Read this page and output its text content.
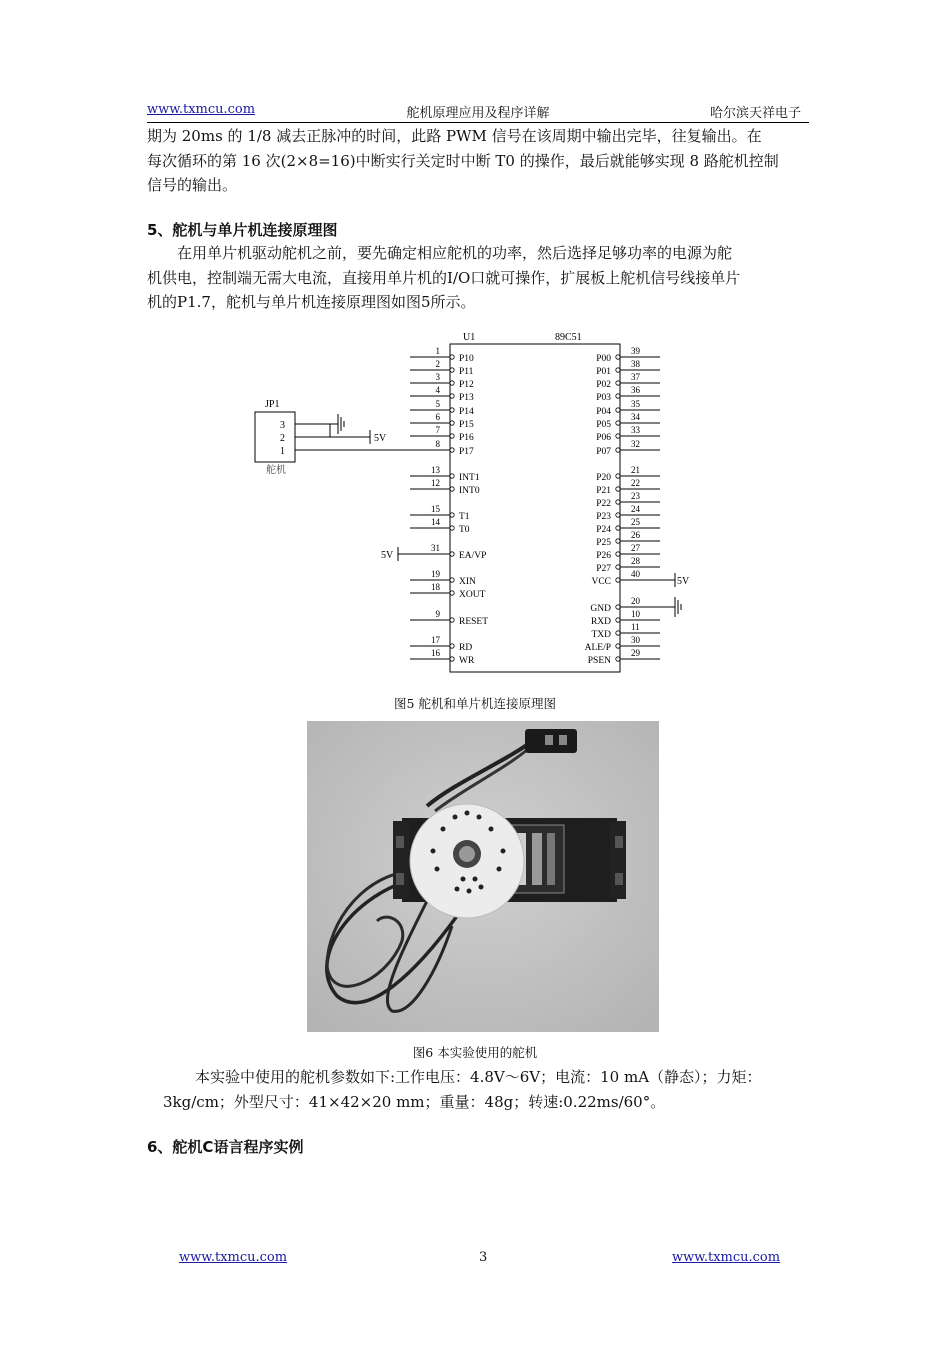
www.txmcu.com	舵机原理应用及程序详解	哈尔滨天祥电子
期为 20ms 的 1/8 减去正脉冲的时间，此路 PWM 信号在该周期中输出完毕，往复输出。在
每次循环的第 16 次(2×8=16)中断实行关定时中断 T0 的操作，最后就能够实现 8 路舵机控制
信号的输出。
5、舵机与单片机连接原理图
在用单片机驱动舵机之前，要先确定相应舵机的功率，然后选择足够功率的电源为舵
机供电，控制端无需大电流，直接用单片机的I/O口就可操作，扩展板上舵机信号线接单片
机的P1.7，舵机与单片机连接原理图如图5所示。
1
P10
2
P11
3
P12
4
P13
5
P14
6
P15
7
P16
8
P17
13
INT1
12
INT0
15
T1
14
T0
31
EA/VP
19
XIN
18
XOUT
9
RESET
17
RD
16
WR
39
P00 38
P01 37
P02 36
P03
35
P04 34
P05 33
P06
32
P07
21
P20 22
P21 23
P22 24
P23 25
P24 26
P25 27
P26 28
P27 40
VCC
20
GND 10
RXD 11
TXD 30
ALE/P 29
PSEN
U1	89C51
JP1
3
2
1
舵机
5V
5V
5V
图5 舵机和单片机连接原理图
图6 本实验使用的舵机
本实验中使用的舵机参数如下:工作电压：4.8V～6V；电流：10 mA（静态）；力矩：
3kg/cm；外型尺寸：41×42×20 mm；重量：48g；转速:0.22ms/60°。
6、舵机C语言程序实例
www.txmcu.com	3	www.txmcu.com
